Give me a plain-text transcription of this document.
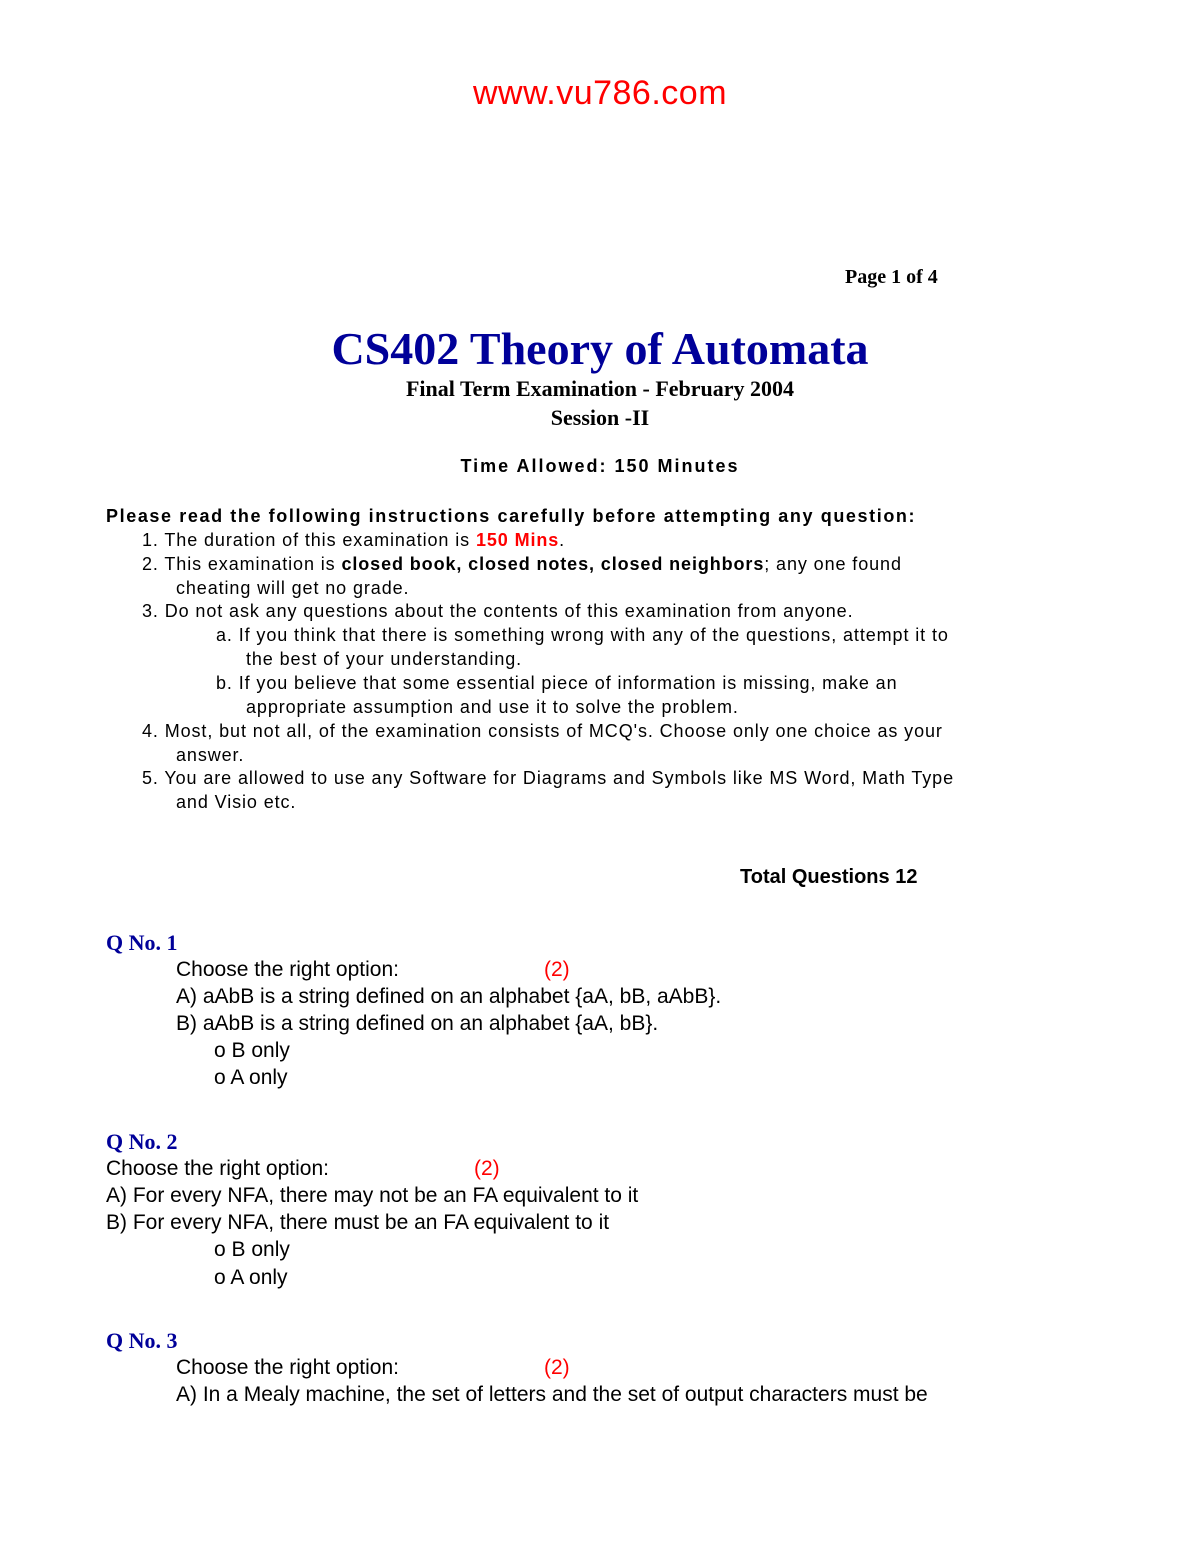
www.vu786.com
Page 1 of 4
CS402 Theory of Automata
Final Term Examination - February 2004
Session -II
Time Allowed: 150 Minutes
Please read the following instructions carefully before attempting any question:
1. The duration of this examination is 150 Mins.
2. This examination is closed book, closed notes, closed neighbors; any one found
cheating will get no grade.
3. Do not ask any questions about the contents of this examination from anyone.
a. If you think that there is something wrong with any of the questions, attempt it to
the best of your understanding.
b. If you believe that some essential piece of information is missing, make an
appropriate assumption and use it to solve the problem.
4. Most, but not all, of the examination consists of MCQ's. Choose only one choice as your
answer.
5. You are allowed to use any Software for Diagrams and Symbols like MS Word, Math Type
and Visio etc.
Total Questions 12
Q No. 1
Choose the right option:	(2)
A) aAbB is a string defined on an alphabet {aA, bB, aAbB}.
B) aAbB is a string defined on an alphabet {aA, bB}.
o B only
o A only
Q No. 2
Choose the right option:	(2)
A) For every NFA, there may not be an FA equivalent to it
B) For every NFA, there must be an FA equivalent to it
o B only
o A only
Q No. 3
Choose the right option:	(2)
A) In a Mealy machine, the set of letters and the set of output characters must be
